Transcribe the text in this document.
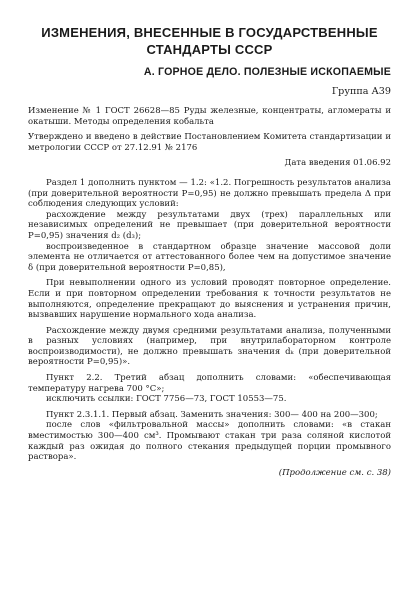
ИЗМЕНЕНИЯ, ВНЕСЕННЫЕ В ГОСУДАРСТВЕННЫЕ

СТАНДАРТЫ СССР

А. ГОРНОЕ ДЕЛО. ПОЛЕЗНЫЕ ИСКОПАЕМЫЕ

Группа А39

Изменение № 1 ГОСТ 26628—85 Руды железные, концентраты, агломераты и окатыши. Методы определения кобальта

Утверждено и введено в действие Постановлением Комитета стандартизации и метрологии СССР от 27.12.91 № 2176

Дата введения 01.06.92

Раздел 1 дополнить пунктом — 1.2: «1.2. Погрешность результатов анализа (при доверительной вероятности P=0,95) не должно превышать предела Δ при соблюдения следующих условий:

расхождение между результатами двух (трех) параллельных или независимых определений не превышает (при доверительной вероятности P=0,95) значения d₂ (d₃);

воспроизведенное в стандартном образце значение массовой доли элемента не отличается от аттестованного более чем на допустимое значение δ (при доверительной вероятности P=0,85),

При невыполнении одного из условий проводят повторное определение. Если и при повторном определении требования к точности результатов не выполняются, определение прекращают до выяснения и устранения причин, вызвавших нарушение нормального хода анализа.

Расхождение между двумя средними результатами анализа, полученными в разных условиях (например, при внутрилабораторном контроле воспроизводимости), не должно превышать значения dₖ (при доверительной вероятности P=0,95)».

Пункт 2.2. Третий абзац дополнить словами: «обеспечивающая температуру нагрева 700 °С»;

исключить ссылки: ГОСТ 7756—73, ГОСТ 10553—75.

Пункт 2.3.1.1. Первый абзац. Заменить значения: 300— 400 на 200—300;

после слов «фильтровальной массы» дополнить словами: «в стакан вместимостью 300—400 см³. Промывают стакан три раза соляной кислотой каждый раз ожидая до полного стекания предыдущей порции промывного раствора».

(Продолжение см. с. 38)
